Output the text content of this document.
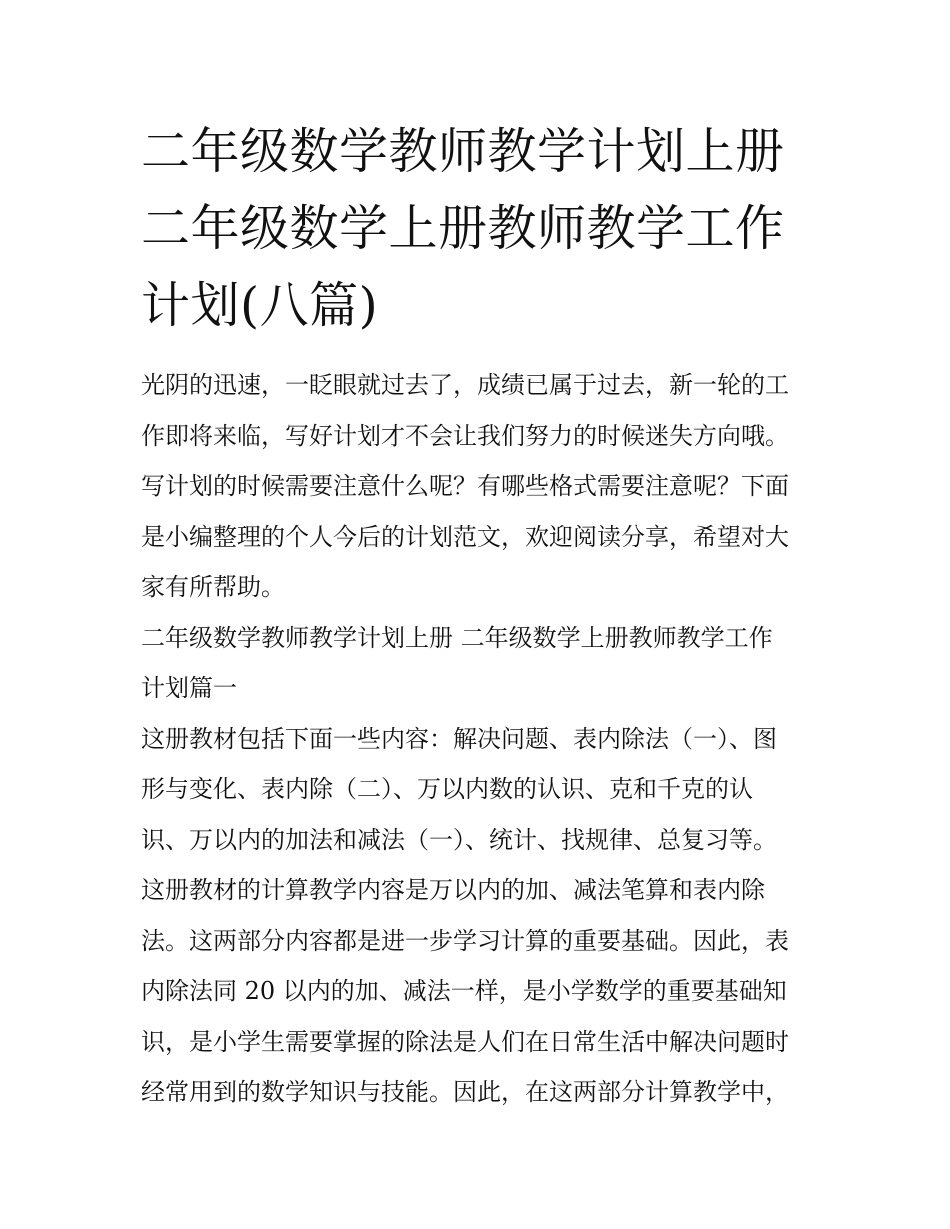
二年级数学教师教学计划上册
二年级数学上册教师教学工作
计划(八篇)
光阴的迅速，一眨眼就过去了，成绩已属于过去，新一轮的工
作即将来临，写好计划才不会让我们努力的时候迷失方向哦。
写计划的时候需要注意什么呢？有哪些格式需要注意呢？下面
是小编整理的个人今后的计划范文，欢迎阅读分享，希望对大
家有所帮助。
二年级数学教师教学计划上册 二年级数学上册教师教学工作
计划篇一
这册教材包括下面一些内容：解决问题、表内除法（一）、图
形与变化、表内除（二）、万以内数的认识、克和千克的认
识、万以内的加法和减法（一）、统计、找规律、总复习等。
这册教材的计算教学内容是万以内的加、减法笔算和表内除
法。这两部分内容都是进一步学习计算的重要基础。因此，表
内除法同 20 以内的加、减法一样，是小学数学的重要基础知
识，是小学生需要掌握的除法是人们在日常生活中解决问题时
经常用到的数学知识与技能。因此，在这两部分计算教学中，
